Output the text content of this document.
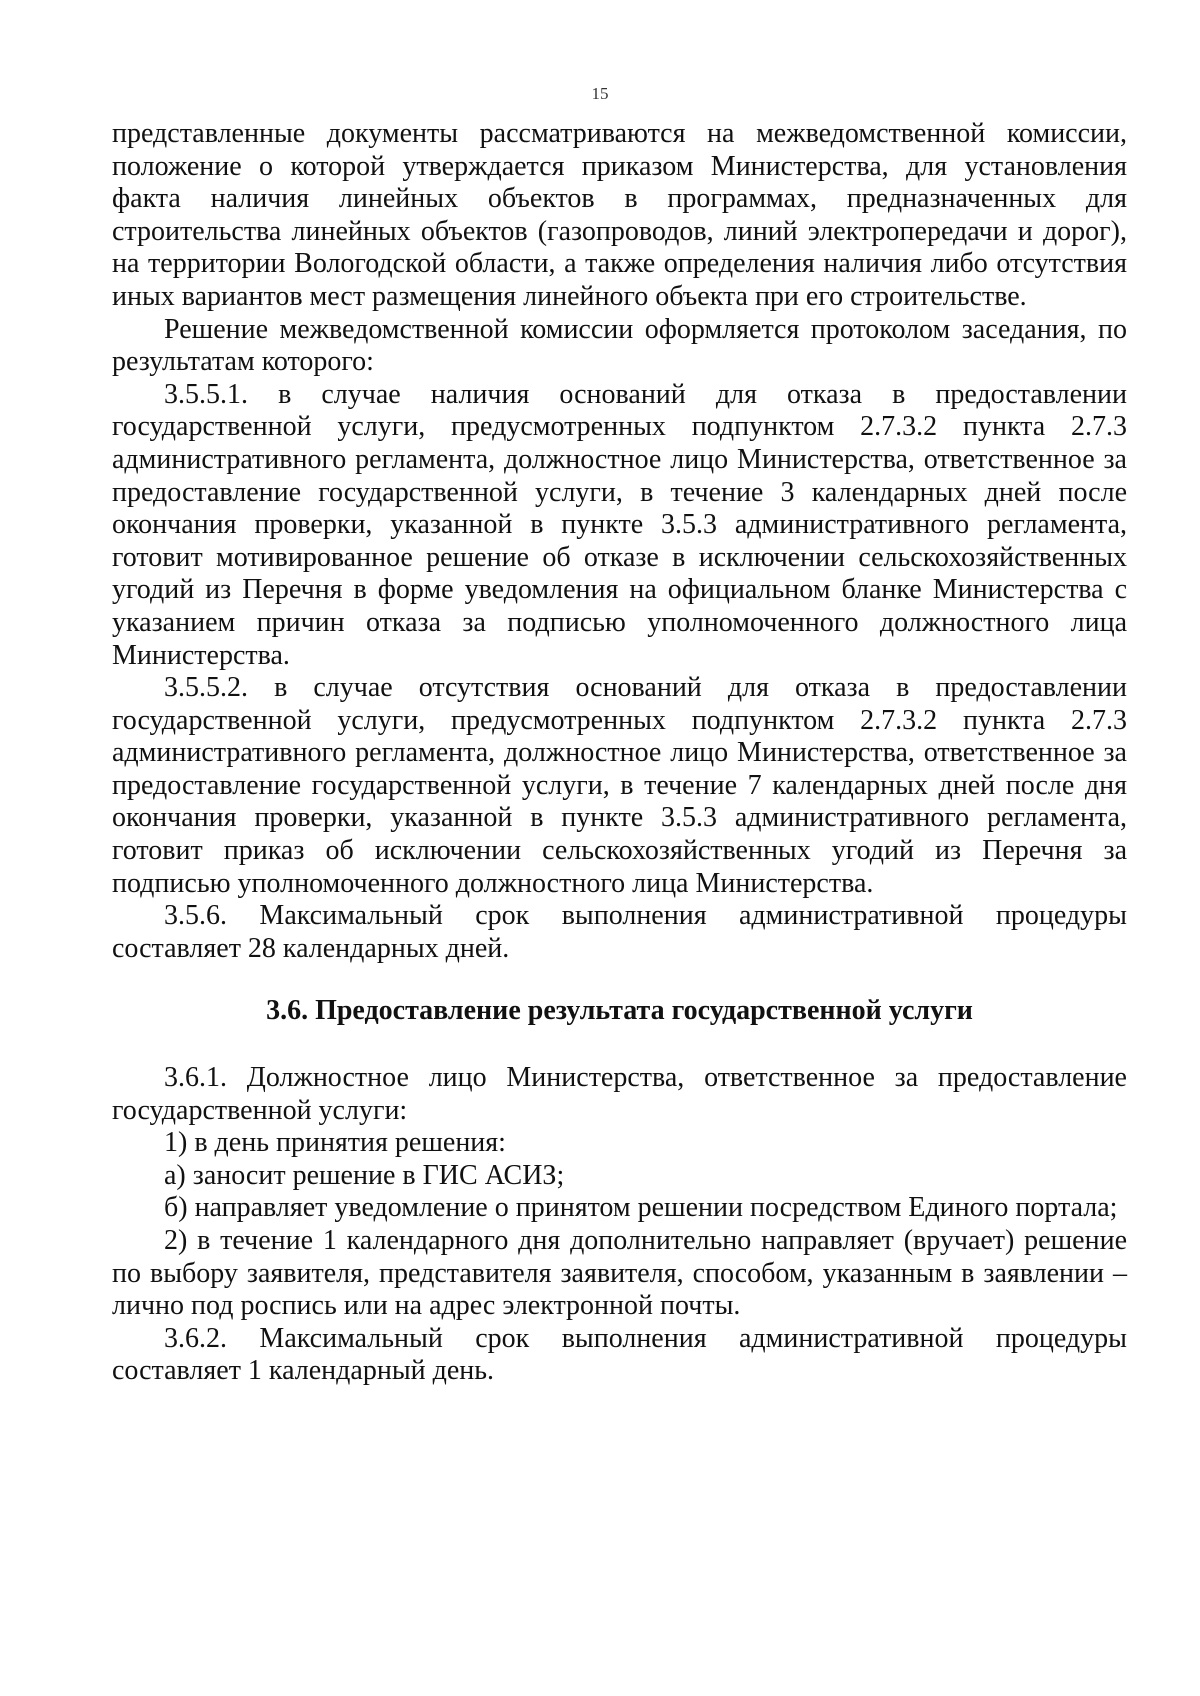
15

представленные документы рассматриваются на межведомственной комиссии, положение о которой утверждается приказом Министерства, для установления факта наличия линейных объектов в программах, предназначенных для строительства линейных объектов (газопроводов, линий электропередачи и дорог), на территории Вологодской области, а также определения наличия либо отсутствия иных вариантов мест размещения линейного объекта при его строительстве.

Решение межведомственной комиссии оформляется протоколом заседания, по результатам которого:

3.5.5.1. в случае наличия оснований для отказа в предоставлении государственной услуги, предусмотренных подпунктом 2.7.3.2 пункта 2.7.3 административного регламента, должностное лицо Министерства, ответственное за предоставление государственной услуги, в течение 3 календарных дней после окончания проверки, указанной в пункте 3.5.3 административного регламента, готовит мотивированное решение об отказе в исключении сельскохозяйственных угодий из Перечня в форме уведомления на официальном бланке Министерства с указанием причин отказа за подписью уполномоченного должностного лица Министерства.

3.5.5.2. в случае отсутствия оснований для отказа в предоставлении государственной услуги, предусмотренных подпунктом 2.7.3.2 пункта 2.7.3 административного регламента, должностное лицо Министерства, ответственное за предоставление государственной услуги, в течение 7 календарных дней после дня окончания проверки, указанной в пункте 3.5.3 административного регламента, готовит приказ об исключении сельскохозяйственных угодий из Перечня за подписью уполномоченного должностного лица Министерства.

3.5.6. Максимальный срок выполнения административной процедуры составляет 28 календарных дней.

3.6. Предоставление результата государственной услуги

3.6.1. Должностное лицо Министерства, ответственное за предоставление государственной услуги:

1) в день принятия решения:

а) заносит решение в ГИС АСИЗ;

б) направляет уведомление о принятом решении посредством Единого портала;

2) в течение 1 календарного дня дополнительно направляет (вручает) решение по выбору заявителя, представителя заявителя, способом, указанным в заявлении – лично под роспись или на адрес электронной почты.

3.6.2. Максимальный срок выполнения административной процедуры составляет 1 календарный день.
